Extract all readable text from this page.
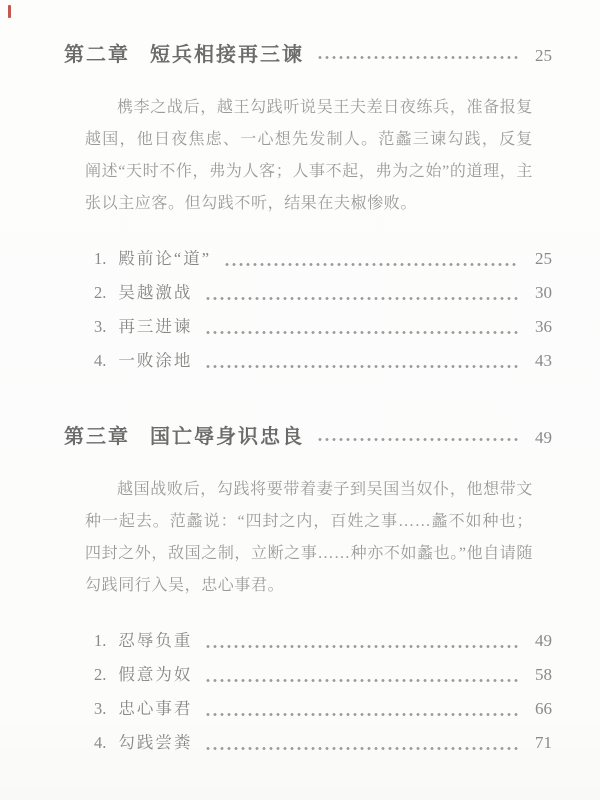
第二章 短兵相接再三谏	25

槜李之战后，越王勾践听说吴王夫差日夜练兵，准备报复越国，他日夜焦虑、一心想先发制人。范蠡三谏勾践，反复阐述“天时不作，弗为人客；人事不起，弗为之始”的道理，主张以主应客。但勾践不听，结果在夫椒惨败。

1. 殿前论“道”	25
2. 吴越激战	30
3. 再三进谏	36
4. 一败涂地	43
第三章 国亡辱身识忠良	49

越国战败后，勾践将要带着妻子到吴国当奴仆，他想带文种一起去。范蠡说：“四封之内，百姓之事……蠡不如种也；四封之外，敌国之制，立断之事……种亦不如蠡也。”他自请随勾践同行入吴，忠心事君。

1. 忍辱负重	49
2. 假意为奴	58
3. 忠心事君	66
4. 勾践尝粪	71
